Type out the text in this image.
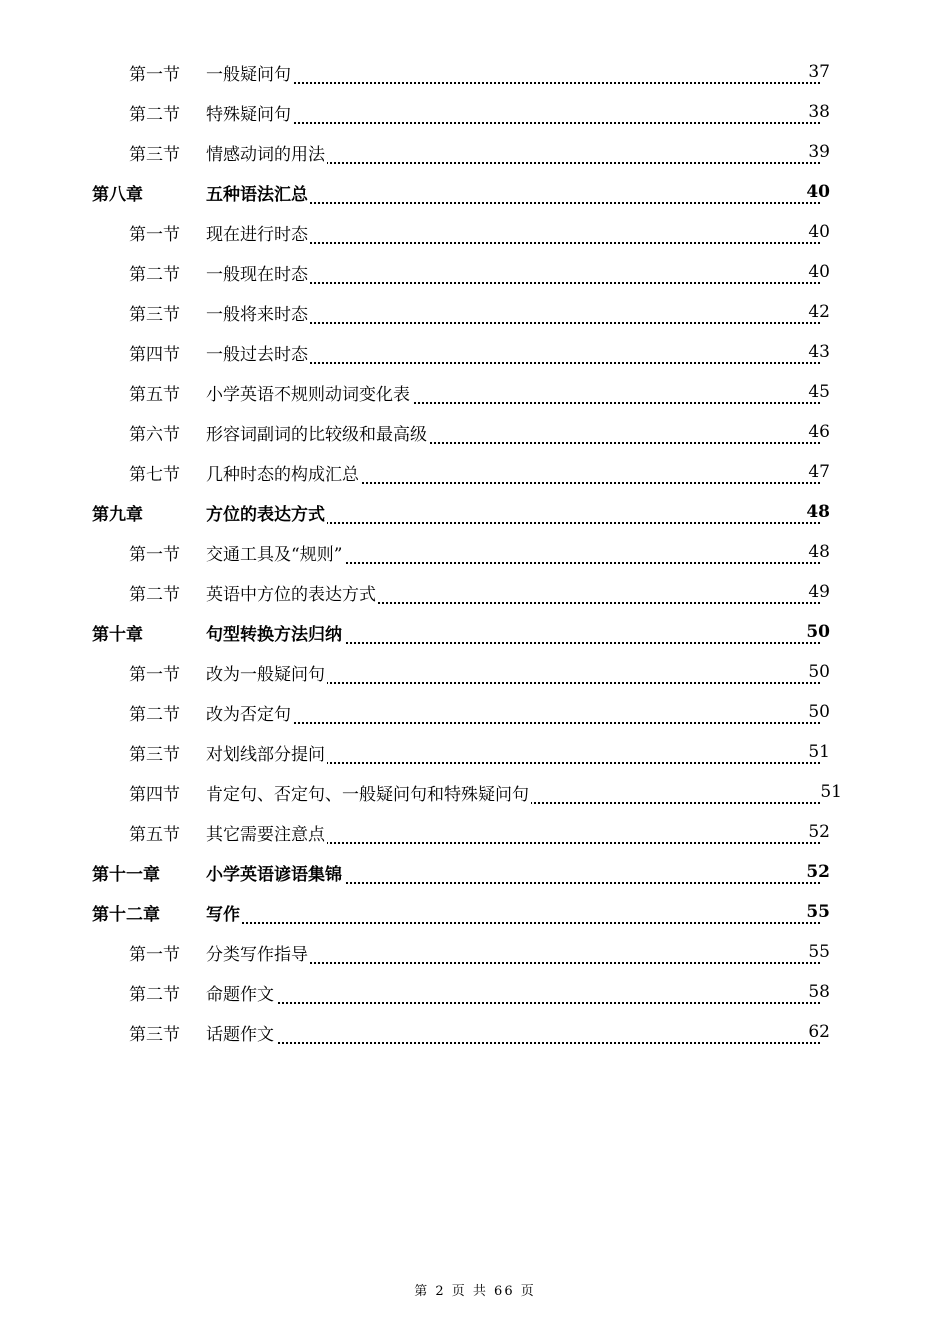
第一节 一般疑问句	37
第二节 特殊疑问句	38
第三节 情感动词的用法	39
第八章	五种语法汇总	40
第一节 现在进行时态	40
第二节 一般现在时态	40
第三节 一般将来时态	42
第四节 一般过去时态	43
第五节 小学英语不规则动词变化表	45
第六节 形容词副词的比较级和最高级	46
第七节 几种时态的构成汇总	47
第九章	方位的表达方式	48
第一节 交通工具及“规则”	48
第二节 英语中方位的表达方式	49
第十章	句型转换方法归纳	50
第一节 改为一般疑问句	50
第二节 改为否定句	50
第三节 对划线部分提问	51
第四节 肯定句、否定句、一般疑问句和特殊疑问句	51
第五节 其它需要注意点	52
第十一章	小学英语谚语集锦	52
第十二章	写作	55
第一节 分类写作指导	55
第二节 命题作文	58
第三节 话题作文	62
第 2 页 共 66 页
